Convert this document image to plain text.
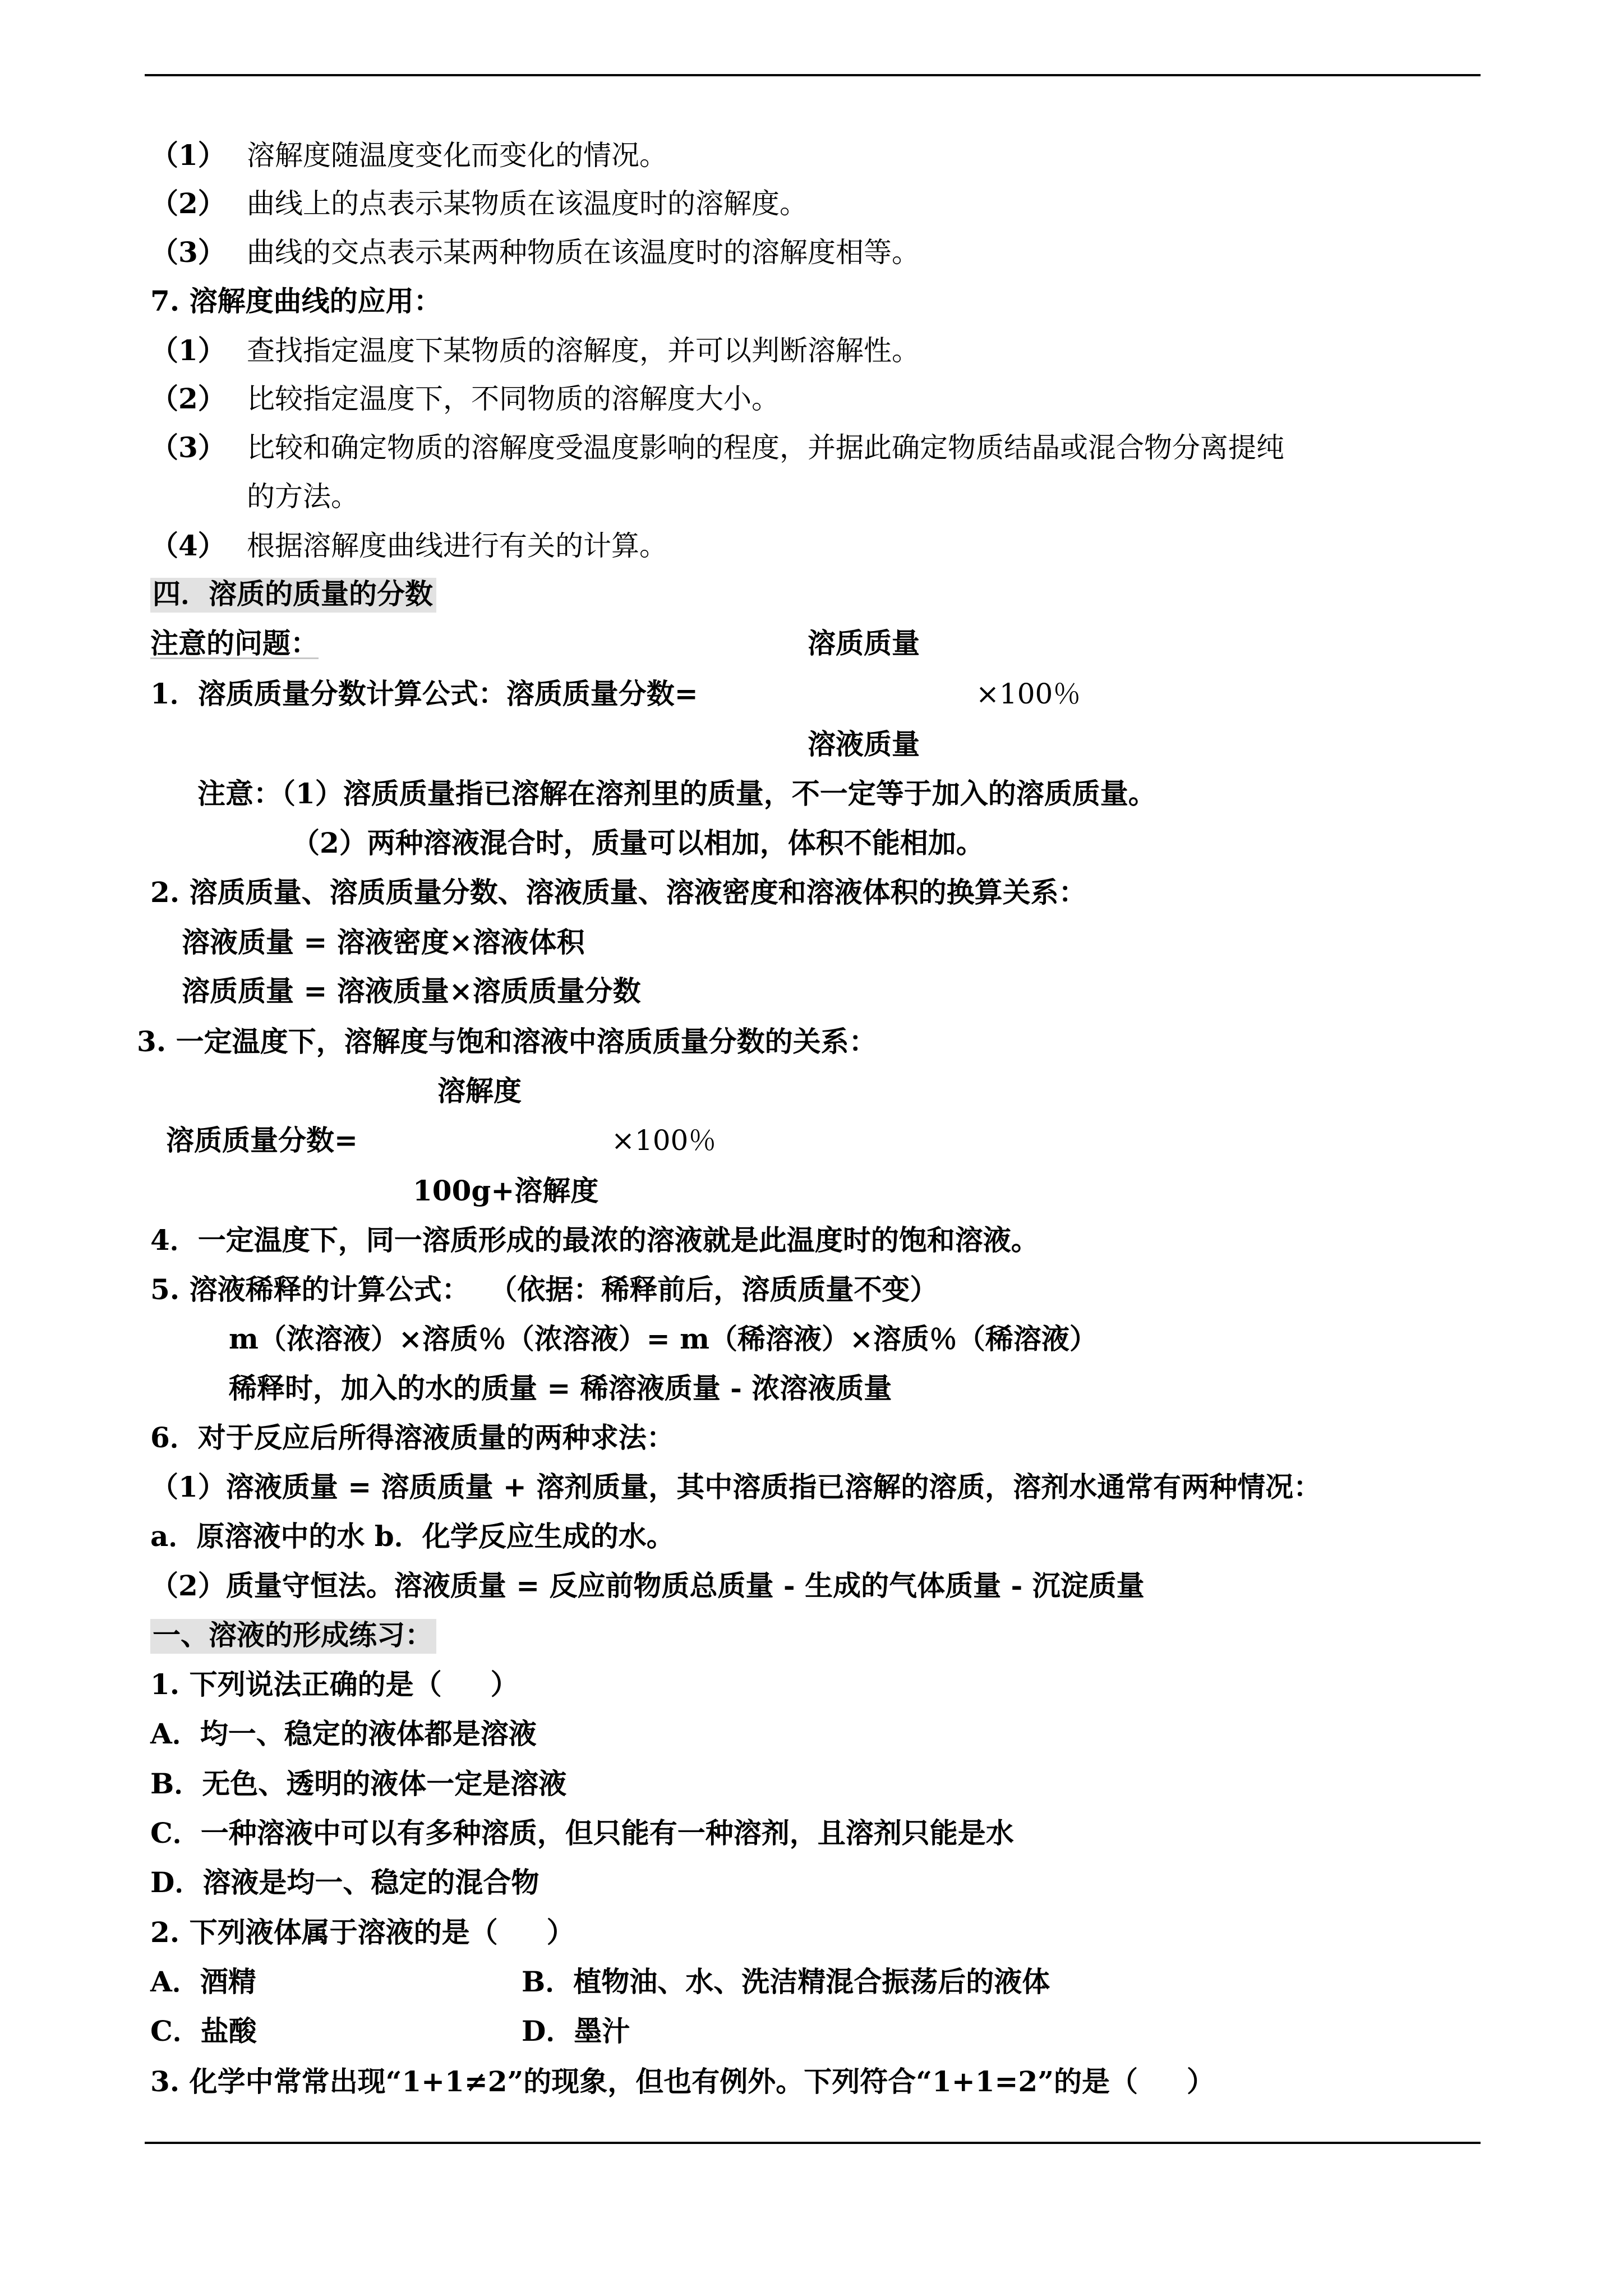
（1） 溶解度随温度变化而变化的情况。
（2） 曲线上的点表示某物质在该温度时的溶解度。
（3） 曲线的交点表示某两种物质在该温度时的溶解度相等。
7. 溶解度曲线的应用：
（1） 查找指定温度下某物质的溶解度，并可以判断溶解性。
（2） 比较指定温度下，不同物质的溶解度大小。
（3） 比较和确定物质的溶解度受温度影响的程度，并据此确定物质结晶或混合物分离提纯
的方法。
（4） 根据溶解度曲线进行有关的计算。
四．溶质的质量的分数
注意的问题：	溶质质量
1．溶质质量分数计算公式：溶质质量分数=	×100％
溶液质量
注意：（1）溶质质量指已溶解在溶剂里的质量，不一定等于加入的溶质质量。
（2）两种溶液混合时，质量可以相加，体积不能相加。
2. 溶质质量、溶质质量分数、溶液质量、溶液密度和溶液体积的换算关系：
溶液质量 = 溶液密度×溶液体积
溶质质量 = 溶液质量×溶质质量分数
3. 一定温度下，溶解度与饱和溶液中溶质质量分数的关系：
溶解度
溶质质量分数=	×100％
100g+溶解度
4．一定温度下，同一溶质形成的最浓的溶液就是此温度时的饱和溶液。
5. 溶液稀释的计算公式：  （依据：稀释前后，溶质质量不变）
m（浓溶液）×溶质％（浓溶液）= m（稀溶液）×溶质％（稀溶液）
稀释时，加入的水的质量 = 稀溶液质量 - 浓溶液质量
6．对于反应后所得溶液质量的两种求法：
（1）溶液质量 = 溶质质量 + 溶剂质量，其中溶质指已溶解的溶质，溶剂水通常有两种情况：
a．原溶液中的水 b．化学反应生成的水。
（2）质量守恒法。溶液质量 = 反应前物质总质量 - 生成的气体质量 - 沉淀质量
一、溶液的形成练习：
1. 下列说法正确的是（     ）
A．均一、稳定的液体都是溶液
B．无色、透明的液体一定是溶液
C．一种溶液中可以有多种溶质，但只能有一种溶剂，且溶剂只能是水
D．溶液是均一、稳定的混合物
2. 下列液体属于溶液的是（     ）
A．酒精	B．植物油、水、洗洁精混合振荡后的液体
C．盐酸	D．墨汁
3. 化学中常常出现“1+1≠2”的现象，但也有例外。下列符合“1+1=2”的是（     ）
